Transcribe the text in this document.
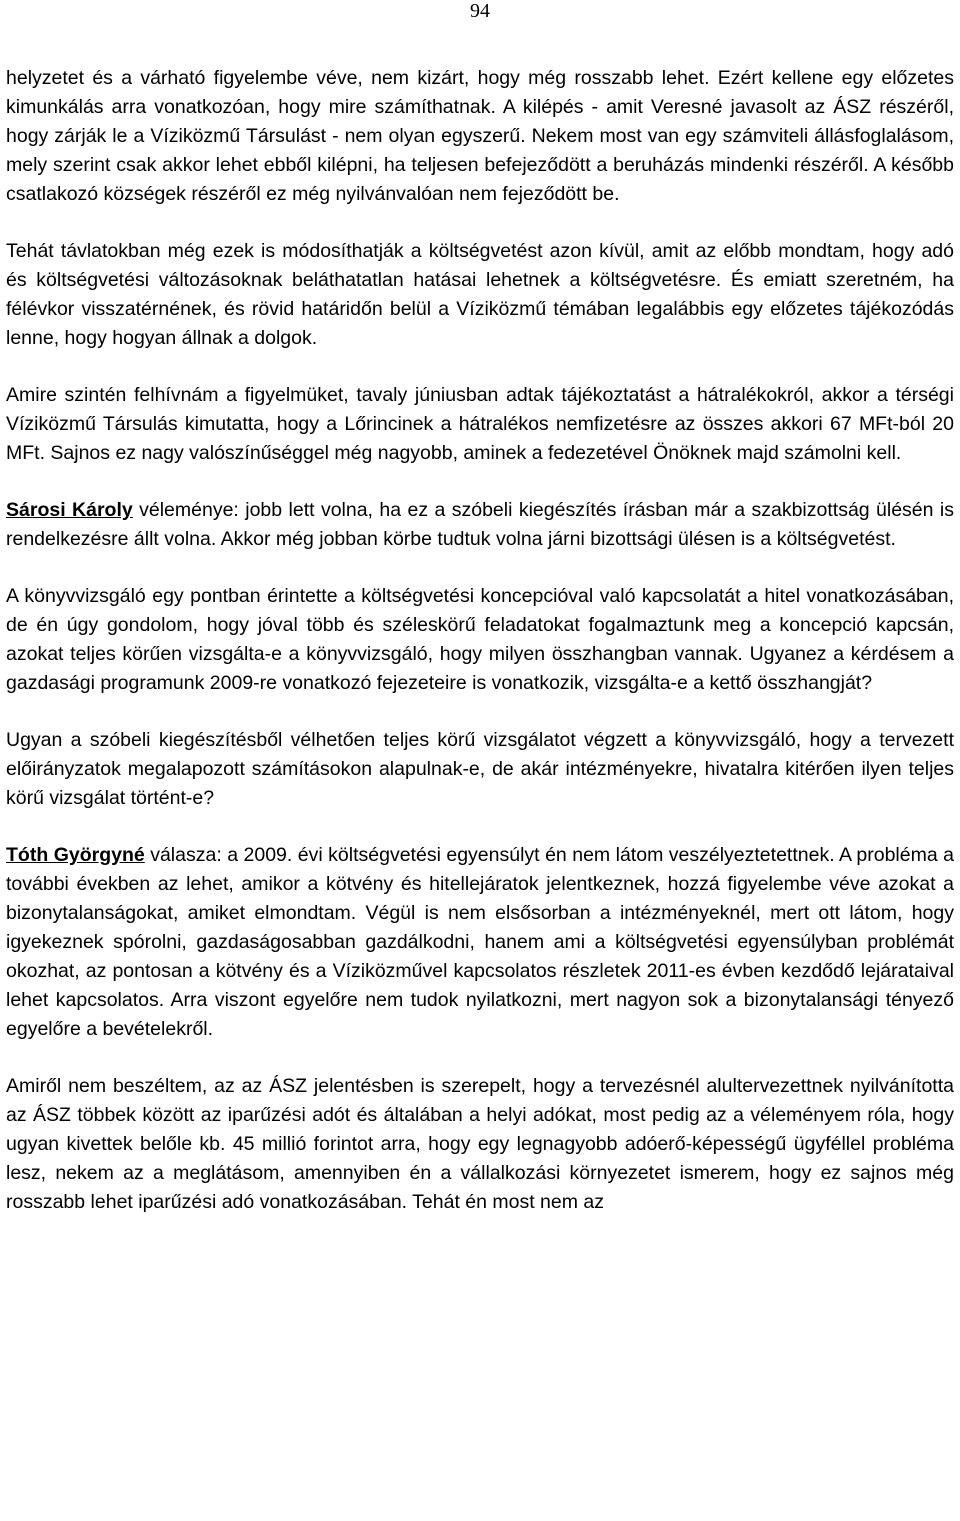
94

helyzetet és a várható figyelembe véve, nem kizárt, hogy még rosszabb lehet. Ezért kellene egy előzetes kimunkálás arra vonatkozóan, hogy mire számíthatnak. A kilépés - amit Veresné javasolt az ÁSZ részéről, hogy zárják le a Víziközmű Társulást - nem olyan egyszerű. Nekem most van egy számviteli állásfoglalásom, mely szerint csak akkor lehet ebből kilépni, ha teljesen befejeződött a beruházás mindenki részéről. A később csatlakozó községek részéről ez még nyilvánvalóan nem fejeződött be.

Tehát távlatokban még ezek is módosíthatják a költségvetést azon kívül, amit az előbb mondtam, hogy adó és költségvetési változásoknak beláthatatlan hatásai lehetnek a költségvetésre. És emiatt szeretném, ha félévkor visszatérnének, és rövid határidőn belül a Víziközmű témában legalábbis egy előzetes tájékozódás lenne, hogy hogyan állnak a dolgok.

Amire szintén felhívnám a figyelmüket, tavaly júniusban adtak tájékoztatást a hátralékokról, akkor a térségi Víziközmű Társulás kimutatta, hogy a Lőrincinek a hátralékos nemfizetésre az összes akkori 67 MFt-ból 20 MFt. Sajnos ez nagy valószínűséggel még nagyobb, aminek a fedezetével Önöknek majd számolni kell.

Sárosi Károly véleménye: jobb lett volna, ha ez a szóbeli kiegészítés írásban már a szakbizottság ülésén is rendelkezésre állt volna. Akkor még jobban körbe tudtuk volna járni bizottsági ülésen is a költségvetést.

A könyvvizsgáló egy pontban érintette a költségvetési koncepcióval való kapcsolatát a hitel vonatkozásában, de én úgy gondolom, hogy jóval több és széleskörű feladatokat fogalmaztunk meg a koncepció kapcsán, azokat teljes körűen vizsgálta-e a könyvvizsgáló, hogy milyen összhangban vannak. Ugyanez a kérdésem a gazdasági programunk 2009-re vonatkozó fejezeteire is vonatkozik, vizsgálta-e a kettő összhangját?

Ugyan a szóbeli kiegészítésből vélhetően teljes körű vizsgálatot végzett a könyvvizsgáló, hogy a tervezett előirányzatok megalapozott számításokon alapulnak-e, de akár intézményekre, hivatalra kitérően ilyen teljes körű vizsgálat történt-e?

Tóth Györgyné válasza: a 2009. évi költségvetési egyensúlyt én nem látom veszélyeztetettnek. A probléma a további években az lehet, amikor a kötvény és hitellejáratok jelentkeznek, hozzá figyelembe véve azokat a bizonytalanságokat, amiket elmondtam. Végül is nem elsősorban a intézményeknél, mert ott látom, hogy igyekeznek spórolni, gazdaságosabban gazdálkodni, hanem ami a költségvetési egyensúlyban problémát okozhat, az pontosan a kötvény és a Víziközművel kapcsolatos részletek 2011-es évben kezdődő lejárataival lehet kapcsolatos. Arra viszont egyelőre nem tudok nyilatkozni, mert nagyon sok a bizonytalansági tényező egyelőre a bevételekről.

Amiről nem beszéltem, az az ÁSZ jelentésben is szerepelt, hogy a tervezésnél alultervezettnek nyilvánította az ÁSZ többek között az iparűzési adót és általában a helyi adókat, most pedig az a véleményem róla, hogy ugyan kivettek belőle kb. 45 millió forintot arra, hogy egy legnagyobb adóerő-képességű ügyféllel probléma lesz, nekem az a meglátásom, amennyiben én a vállalkozási környezetet ismerem, hogy ez sajnos még rosszabb lehet iparűzési adó vonatkozásában. Tehát én most nem az
